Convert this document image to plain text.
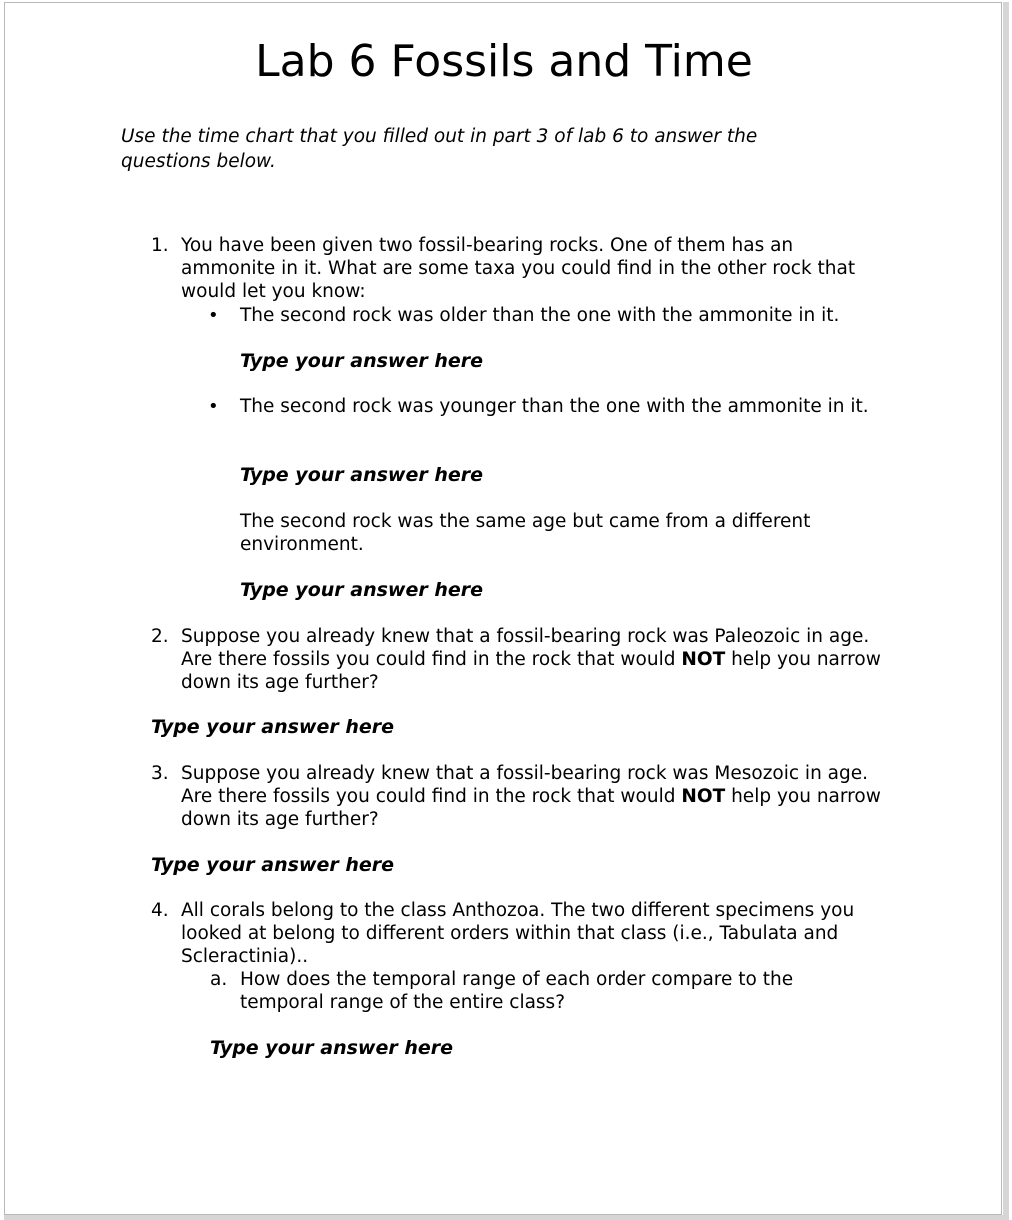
Lab 6 Fossils and Time
Use the time chart that you filled out in part 3 of lab 6 to answer the questions below.
1. You have been given two fossil-bearing rocks. One of them has an ammonite in it. What are some taxa you could find in the other rock that would let you know:
• The second rock was older than the one with the ammonite in it.
Type your answer here
• The second rock was younger than the one with the ammonite in it.
Type your answer here
The second rock was the same age but came from a different environment.
Type your answer here
2. Suppose you already knew that a fossil-bearing rock was Paleozoic in age. Are there fossils you could find in the rock that would NOT help you narrow down its age further?
Type your answer here
3. Suppose you already knew that a fossil-bearing rock was Mesozoic in age. Are there fossils you could find in the rock that would NOT help you narrow down its age further?
Type your answer here
4. All corals belong to the class Anthozoa. The two different specimens you looked at belong to different orders within that class (i.e., Tabulata and Scleractinia)..
a. How does the temporal range of each order compare to the temporal range of the entire class?
Type your answer here
